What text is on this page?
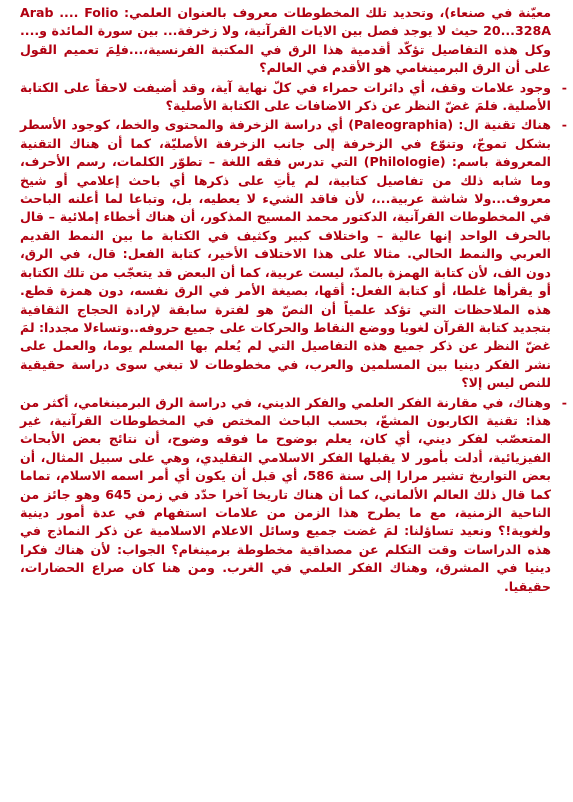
معيّنة في صنعاء)، وتحديد تلك المخطوطات معروف بالعنوان العلمي: Arab .... Folio 20...328A حيث لا يوجد فصل بين الايات القرآنية، ولا زخرفة... بين سورة المائدة و.... وكل هذه التفاصيل تؤكّد أقدمية هذا الرق في المكتبة الفرنسية،...فلِمَ تعميم القول على أن الرق البرمينغامي هو الأقدم في العالم؟

-
وجود علامات وقف، أي دائرات حمراء في كلّ نهاية آية، وقد أضيفت لاحقاً على الكتابة الأصلية. فلمَ غضّ النظر عن ذكر الاضافات على الكتابة الأصلية؟

-
هناك تقنية ال: (Paleographia) أي دراسة الزخرفة والمحتوى والخط، كوجود الأسطر بشكل تموجّ، وتنوّع في الزخرفة إلى جانب الزخرفة الأصليّة، كما أن هناك التقنية المعروفة باسم: (Philologie) التي تدرس فقه اللغة – تطوّر الكلمات، رسم الأحرف، وما شابه ذلك من تفاصيل كتابية، لم يأتِ على ذكرها أي باحث إعلامي أو شيخ معروف...ولا شاشة عربية...، لأن فاقد الشيء لا يعطيه، بل، وتباعا لما أعلنه الباحث في المخطوطات القرآنية، الدكتور محمد المسيح المذكور، أن هناك أخطاء إملائية – قال بالحرف الواحد إنها عالية – واختلاف كبير وكثيف في الكتابة ما بين النمط القديم العربي والنمط الحالي. مثالا على هذا الاختلاف الأخير، كتابة الفعل: قال، في الرق، دون الف، لأن كتابة الهمزة بالمدّ، ليست عربية، كما أن البعض قد يتعجّب من تلك الكتابة أو يقرأها غلطا، أو كتابة الفعل: أقها، بصيغة الأمر في الرق نفسه، دون همزة قطع. هذه الملاحظات التي تؤكد علمياً أن النصّ هو لفترة سابقة لإرادة الحجاج الثقافية بتجديد كتابة القرآن لغويا ووضع النقاط والحركات على جميع حروفه..وتساءلا مجددا: لمَ غضّ النظر عن ذكر جميع هذه التفاصيل التي لم يُعلم بها المسلم يوما، والعمل على نشر الفكر دينيا بين المسلمين والعرب، في مخطوطات لا تبغي سوى دراسة حقيقية للنص ليس إلا؟

-
وهناك، في مقارنة الفكر العلمي والفكر الديني، في دراسة الرق البرمينغامي، أكثر من هذا: تقنية الكاربون المشعّ، بحسب الباحث المختص في المخطوطات القرآنية، غير المتعصّب لفكر ديني، أي كان، يعلم بوضوح ما فوقه وضوح، أن نتائج بعض الأبحاث الفيزيائية، أدلت بأمور لا يقبلها الفكر الاسلامي التقليدي، وهي على سبيل المثال، أن بعض التواريخ تشير مرارا إلى سنة 586، أي قبل أن يكون أي أمر اسمه الاسلام، تماما كما قال ذلك العالم الألماني، كما أن هناك تاريخا آخرا حدّد في زمن 645 وهو جائز من الناحية الزمنية، مع ما يطرح هذا الزمن من علامات استفهام في عدة أمور دينية ولغوية!؟ ونعيد تساؤلنا: لمَ غضت جميع وسائل الاعلام الاسلامية عن ذكر النماذج في هذه الدراسات وقت التكلم عن مصداقية مخطوطة برمينغام؟ الجواب: لأن هناك فكرا دينيا في المشرق، وهناك الفكر العلمي في الغرب. ومن هنا كان صراع الحضارات، حقيقيا.
